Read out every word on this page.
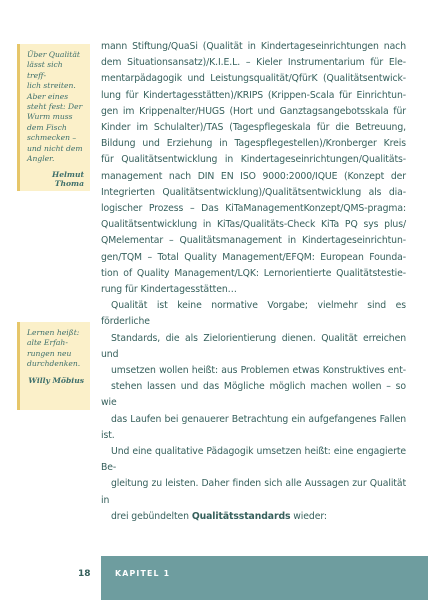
Über Qualität
lässt sich treff-
lich streiten.
Aber eines
steht fest: Der
Wurm muss
dem Fisch
schmecken –
und nicht dem
Angler.
Helmut Thoma
Lernen heißt:
alte Erfah-
rungen neu
durchdenken.
Willy Möbius

mann Stiftung/QuaSi (Qualität in Kindertageseinrichtungen nach
dem Situationsansatz)/K.I.E.L. – Kieler Instrumentarium für Ele-
mentarpädagogik und Leistungsqualität/QfürK (Qualitätsentwick-
lung für Kindertagesstätten)/KRIPS (Krippen-Scala für Einrichtun-
gen im Krippenalter/HUGS (Hort und Ganztagsangebotsskala für
Kinder im Schulalter)/TAS (Tagespflegeskala für die Betreuung,
Bildung und Erziehung in Tagespflegestellen)/Kronberger Kreis
für Qualitätsentwicklung in Kindertageseinrichtungen/Qualitäts-
management nach DIN EN ISO 9000:2000/IQUE (Konzept der
Integrierten Qualitätsentwicklung)/Qualitätsentwicklung als dia-
logischer Prozess – Das KiTaManagementKonzept/QMS-pragma:
Qualitätsentwicklung in KiTas/Qualitäts-Check KiTa PQ sys plus/
QMelementar – Qualitätsmanagement in Kindertageseinrichtun-
gen/TQM – Total Quality Management/EFQM: European Founda-
tion of Quality Management/LQK: Lernorientierte Qualitätstestie-
rung für Kindertagesstätten…

Qualität ist keine normative Vorgabe; vielmehr sind es förderliche
Standards, die als Zielorientierung dienen. Qualität erreichen und
umsetzen wollen heißt: aus Problemen etwas Konstruktives ent-
stehen lassen und das Mögliche möglich machen wollen – so wie
das Laufen bei genauerer Betrachtung ein aufgefangenes Fallen ist.
Und eine qualitative Pädagogik umsetzen heißt: eine engagierte Be-
gleitung zu leisten. Daher finden sich alle Aussagen zur Qualität in
drei gebündelten Qualitätsstandards wieder:

18	KAPITEL 1
